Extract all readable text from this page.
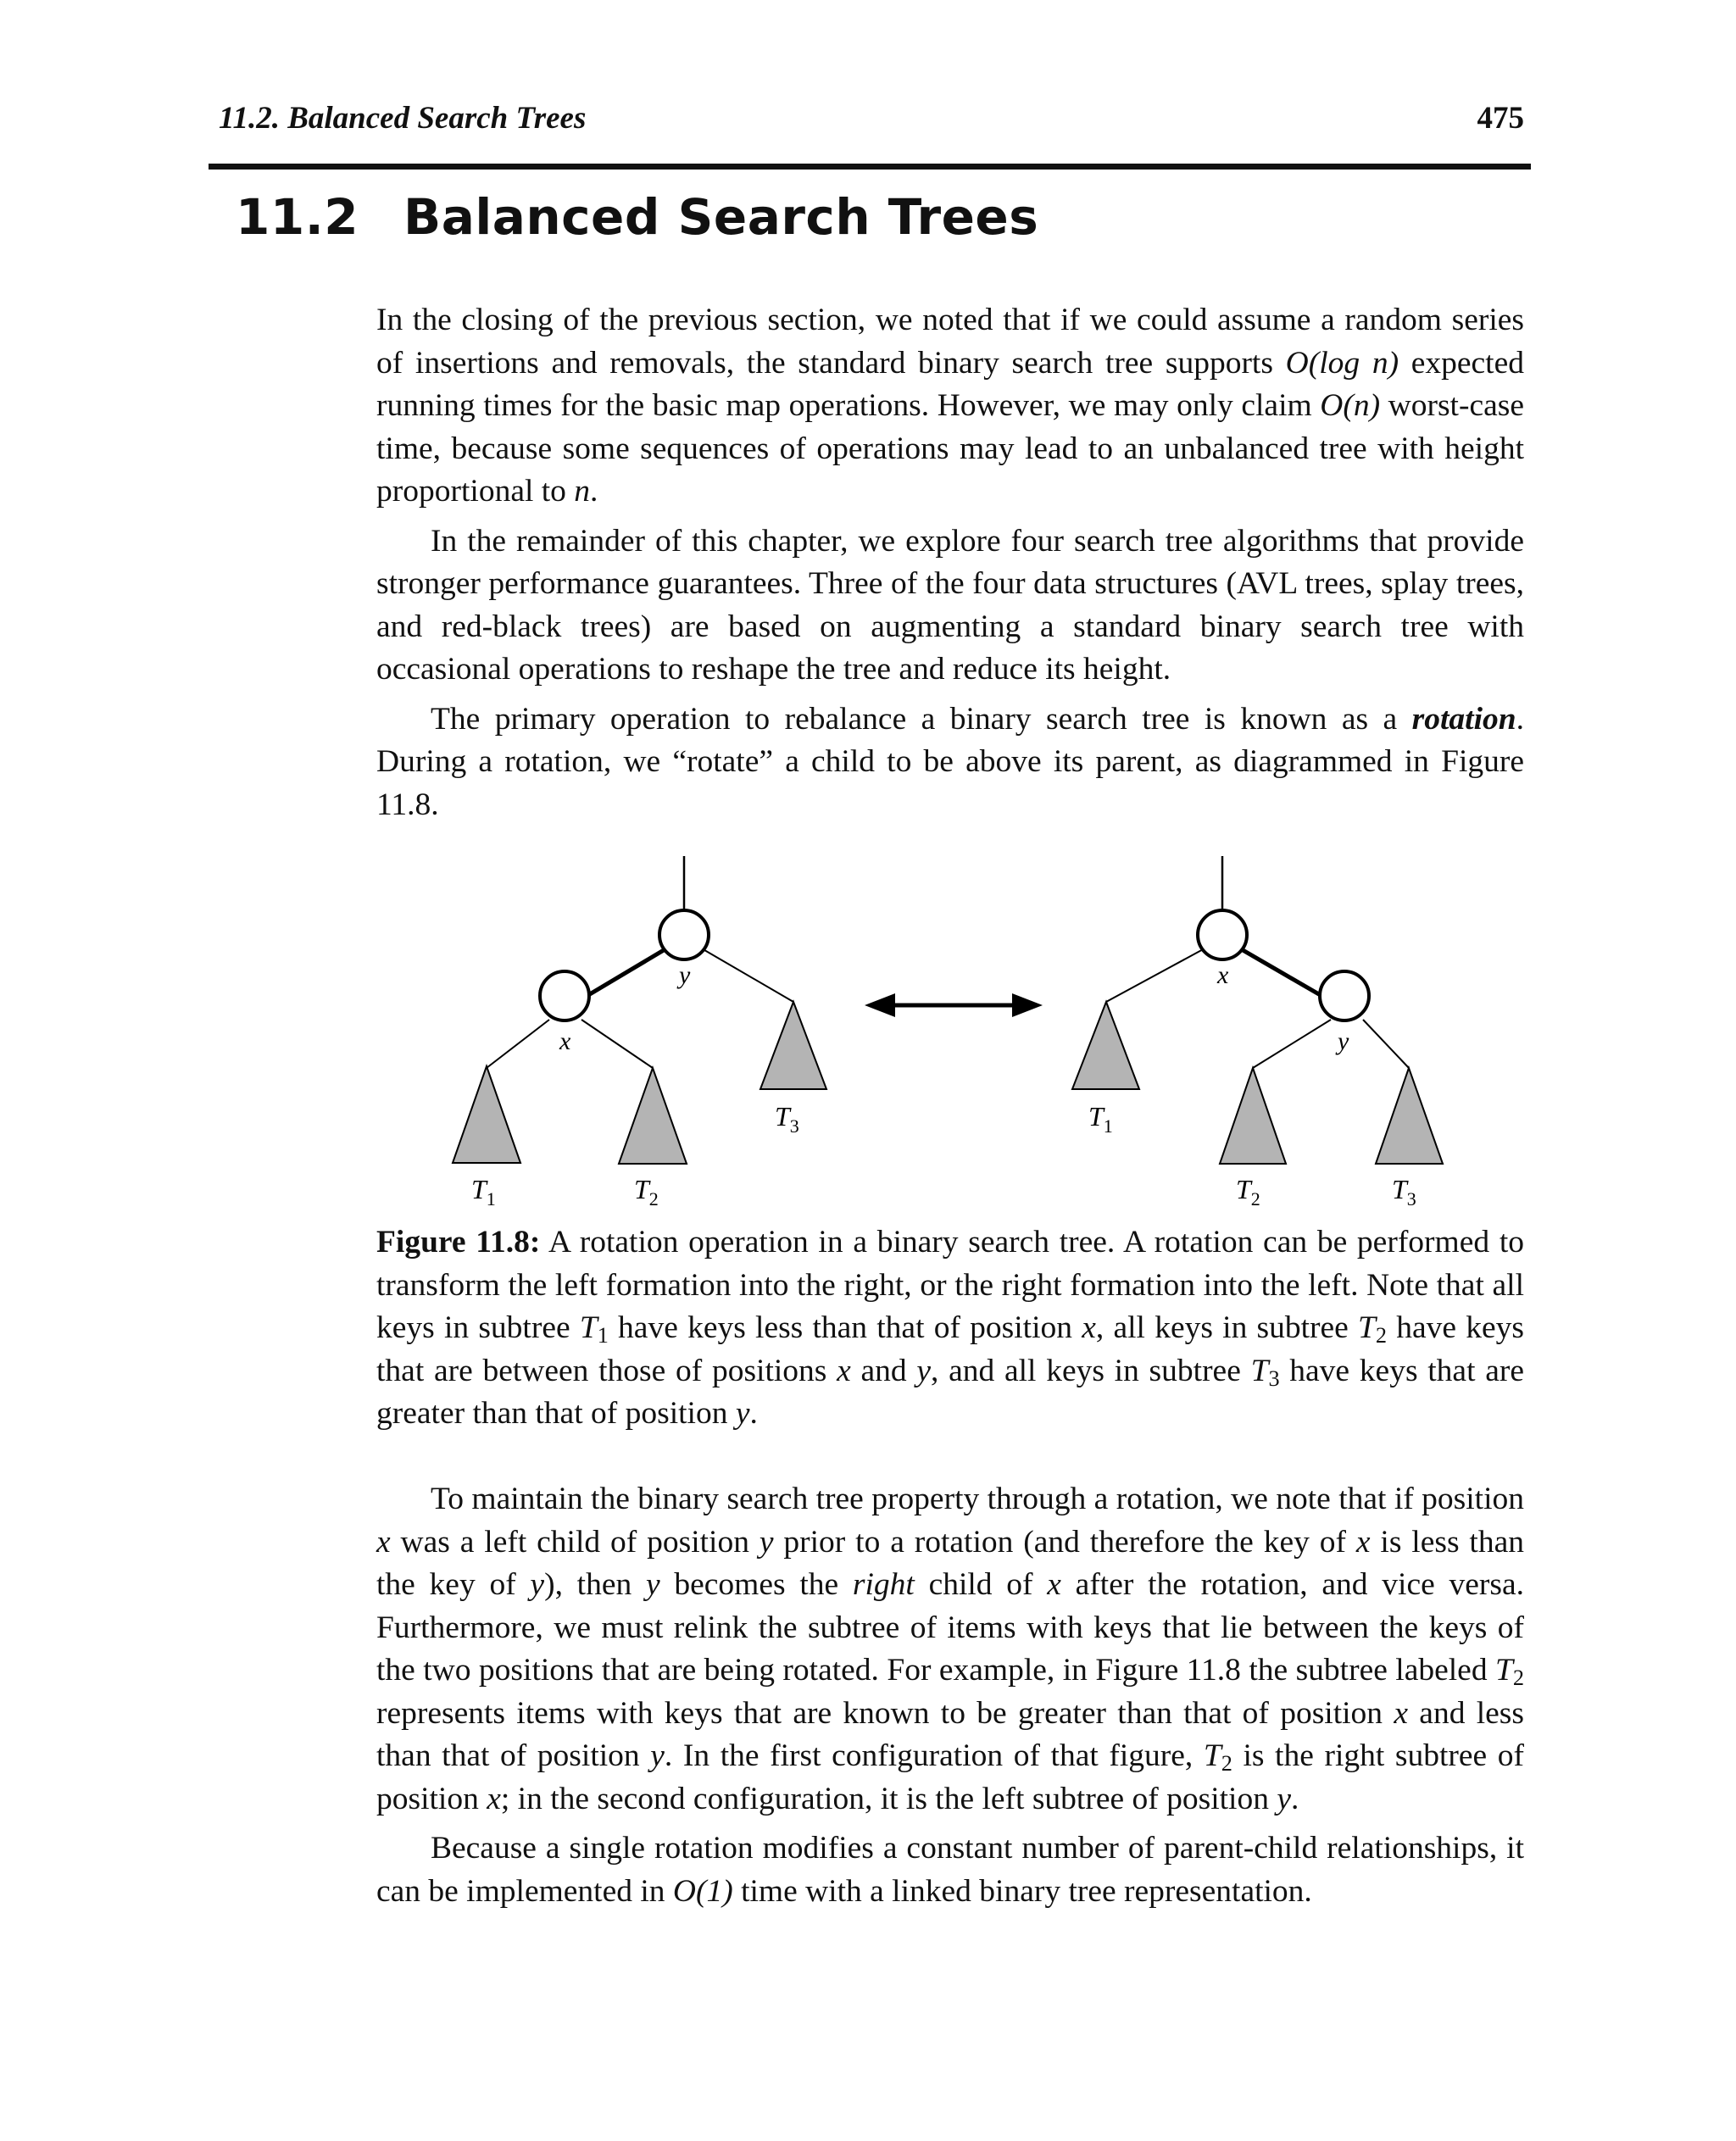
11.2. Balanced Search Trees	475
11.2 Balanced Search Trees

In the closing of the previous section, we noted that if we could assume a random series of insertions and removals, the standard binary search tree supports O(log n) expected running times for the basic map operations. However, we may only claim O(n) worst-case time, because some sequences of operations may lead to an unbalanced tree with height proportional to n.

In the remainder of this chapter, we explore four search tree algorithms that provide stronger performance guarantees. Three of the four data structures (AVL trees, splay trees, and red-black trees) are based on augmenting a standard binary search tree with occasional operations to reshape the tree and reduce its height.

The primary operation to rebalance a binary search tree is known as a rotation. During a rotation, we “rotate” a child to be above its parent, as diagrammed in Figure 11.8.

y
x
$T_1$	$T_2$
$T_3$
x
y
$T_1$
$T_2$	$T_3$
Figure 11.8: A rotation operation in a binary search tree. A rotation can be performed to transform the left formation into the right, or the right formation into the left. Note that all keys in subtree $T_1$ have keys less than that of position x, all keys in subtree $T_2$ have keys that are between those of positions x and y, and all keys in subtree $T_3$ have keys that are greater than that of position y.

To maintain the binary search tree property through a rotation, we note that if position x was a left child of position y prior to a rotation (and therefore the key of x is less than the key of y), then y becomes the right child of x after the rotation, and vice versa. Furthermore, we must relink the subtree of items with keys that lie between the keys of the two positions that are being rotated. For example, in Figure 11.8 the subtree labeled $T_2$ represents items with keys that are known to be greater than that of position x and less than that of position y. In the first configuration of that figure, $T_2$ is the right subtree of position x; in the second configuration, it is the left subtree of position y.

Because a single rotation modifies a constant number of parent-child relationships, it can be implemented in O(1) time with a linked binary tree representation.
